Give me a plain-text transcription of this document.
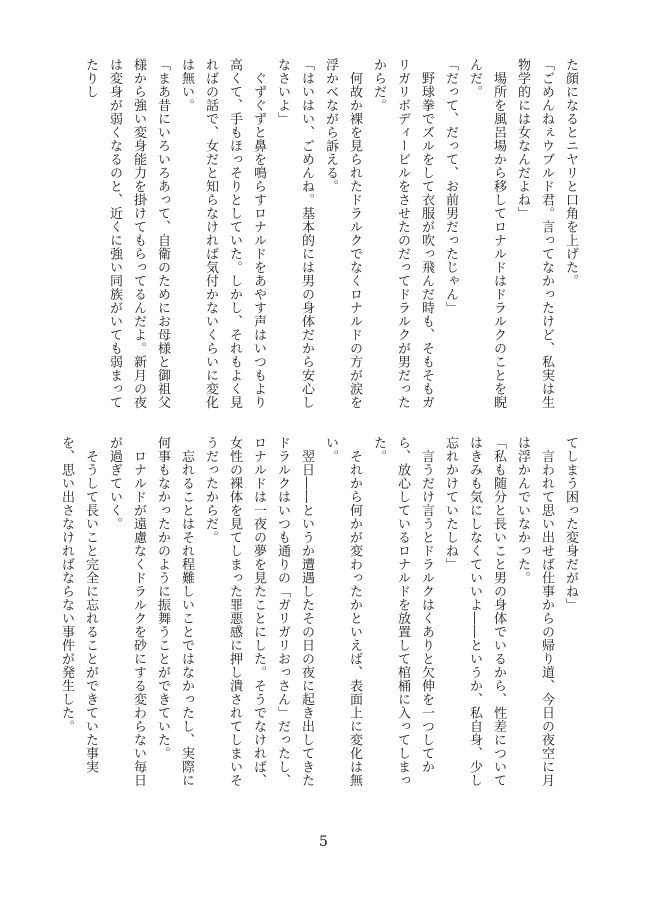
た顔になるとニヤリと口角を上げた。

「ごめんねぇウブルド君。言ってなかったけど、私実は生物学的には女なんだよね」

　場所を風呂場から移してロナルドはドラルクのことを睨んだ。

「だって、だって、お前男だったじゃん」

　野球拳でズルをして衣服が吹っ飛んだ時も、そもそもガリガリボディービルをさせたのだってドラルクが男だったからだ。

　何故か裸を見られたドラルクでなくロナルドの方が涙を浮かべながら訴える。

「はいはい、ごめんね。基本的には男の身体だから安心しなさいよ」

　ぐずぐずと鼻を鳴らすロナルドをあやす声はいつもより高くて、手もほっそりとしていた。しかし、それもよく見ればの話で、女だと知らなければ気付かないくらいに変化は無い。

「まあ昔にいろいろあって、自衛のためにお母様と御祖父様から強い変身能力を掛けてもらってるんだよ。新月の夜は変身が弱くなるのと、近くに強い同族がいても弱まってたりし

てしまう困った変身だがね」

　言われて思い出せば仕事からの帰り道、今日の夜空に月は浮かんでいなかった。

「私も随分と長いこと男の身体でいるから、性差についてはきみも気にしなくていいよ――というか、私自身、少し忘れかけていたしね」

　言うだけ言うとドラルクはくありと欠伸を一つしてから、放心しているロナルドを放置して棺桶に入ってしまった。

　それから何かが変わったかといえば、表面上に変化は無い。

　翌日――というか遭遇したその日の夜に起き出してきたドラルクはいつも通りの「ガリガリおっさん」だったし、ロナルドは一夜の夢を見たことにした。そうでなければ、女性の裸体を見てしまった罪悪感に押し潰されてしまいそうだったからだ。

　忘れることはそれ程難しいことではなかったし、実際に何事もなかったかのように振舞うことができていた。

　ロナルドが遠慮なくドラルクを砂にする変わらない毎日が過ぎていく。

　そうして長いこと完全に忘れることができていた事実を、思い出さなければならない事件が発生した。

5
